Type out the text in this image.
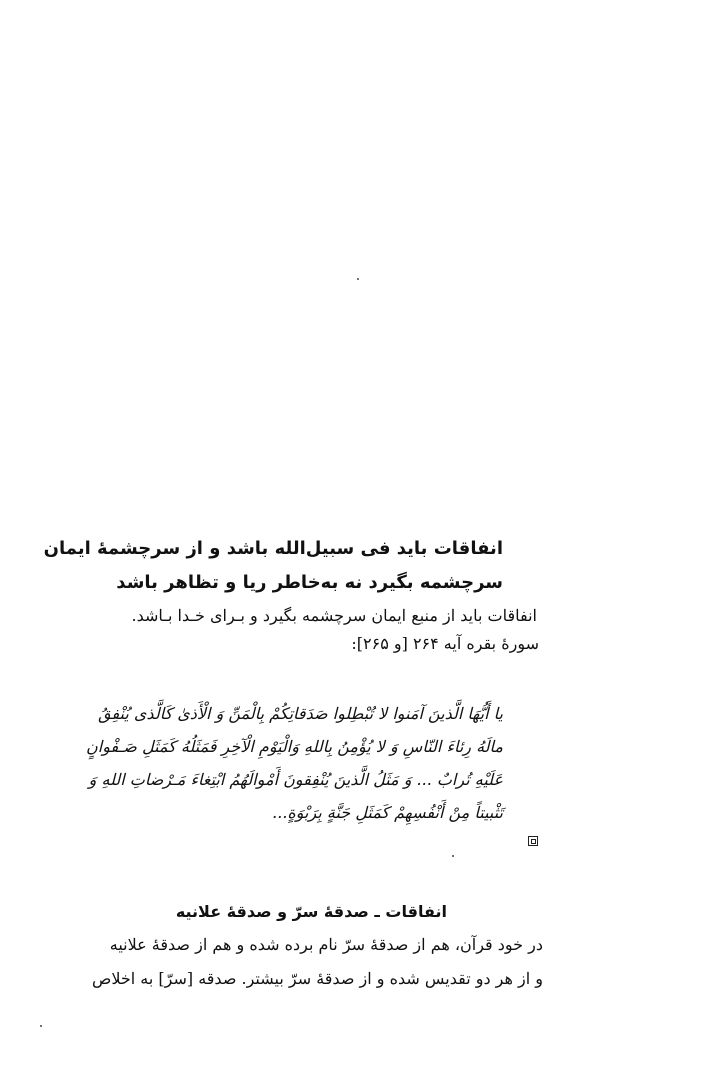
انفاقات باید فی سبیل‌الله باشد و از سرچشمهٔ ایمان
سرچشمه بگیرد نه به‌خاطر ریا و تظاهر باشد
انفاقات باید از منبع ایمان سرچشمه بگیرد و بـرای خـدا بـاشد.
سورهٔ بقره آیه ۲۶۴ [و ۲۶۵]:
یا أَیُّهَا الَّذینَ آمَنوا لا تُبْطِلوا صَدَقاتِکُمْ بِالْمَنِّ وَ الْأَذیٰ کَالَّذی یُنْفِقُ
مالَهُ رِئاءَ النّاسِ وَ لا یُؤْمِنُ بِاللهِ وَالْیَوْمِ الْآخِرِ فَمَثَلُهُ کَمَثَلِ صَـفْوانٍ
عَلَیْهِ تُرابٌ ... وَ مَثَلُ الَّذینَ یُنْفِقونَ أَمْوالَهُمُ ابْتِغاءَ مَـرْضاتِ اللهِ وَ
تَثْبیتاً مِنْ أَنْفُسِهِمْ کَمَثَلِ جَنَّةٍ بِرَبْوَةٍ...
انفاقات ـ صدقهٔ سرّ و صدقهٔ علانیه
در خود قرآن، هم از صدقهٔ سرّ نام برده شده و هم از صدقهٔ علانیه
و از هر دو تقدیس شده و از صدقهٔ سرّ بیشتر. صدقه [سرّ] به اخلاص
